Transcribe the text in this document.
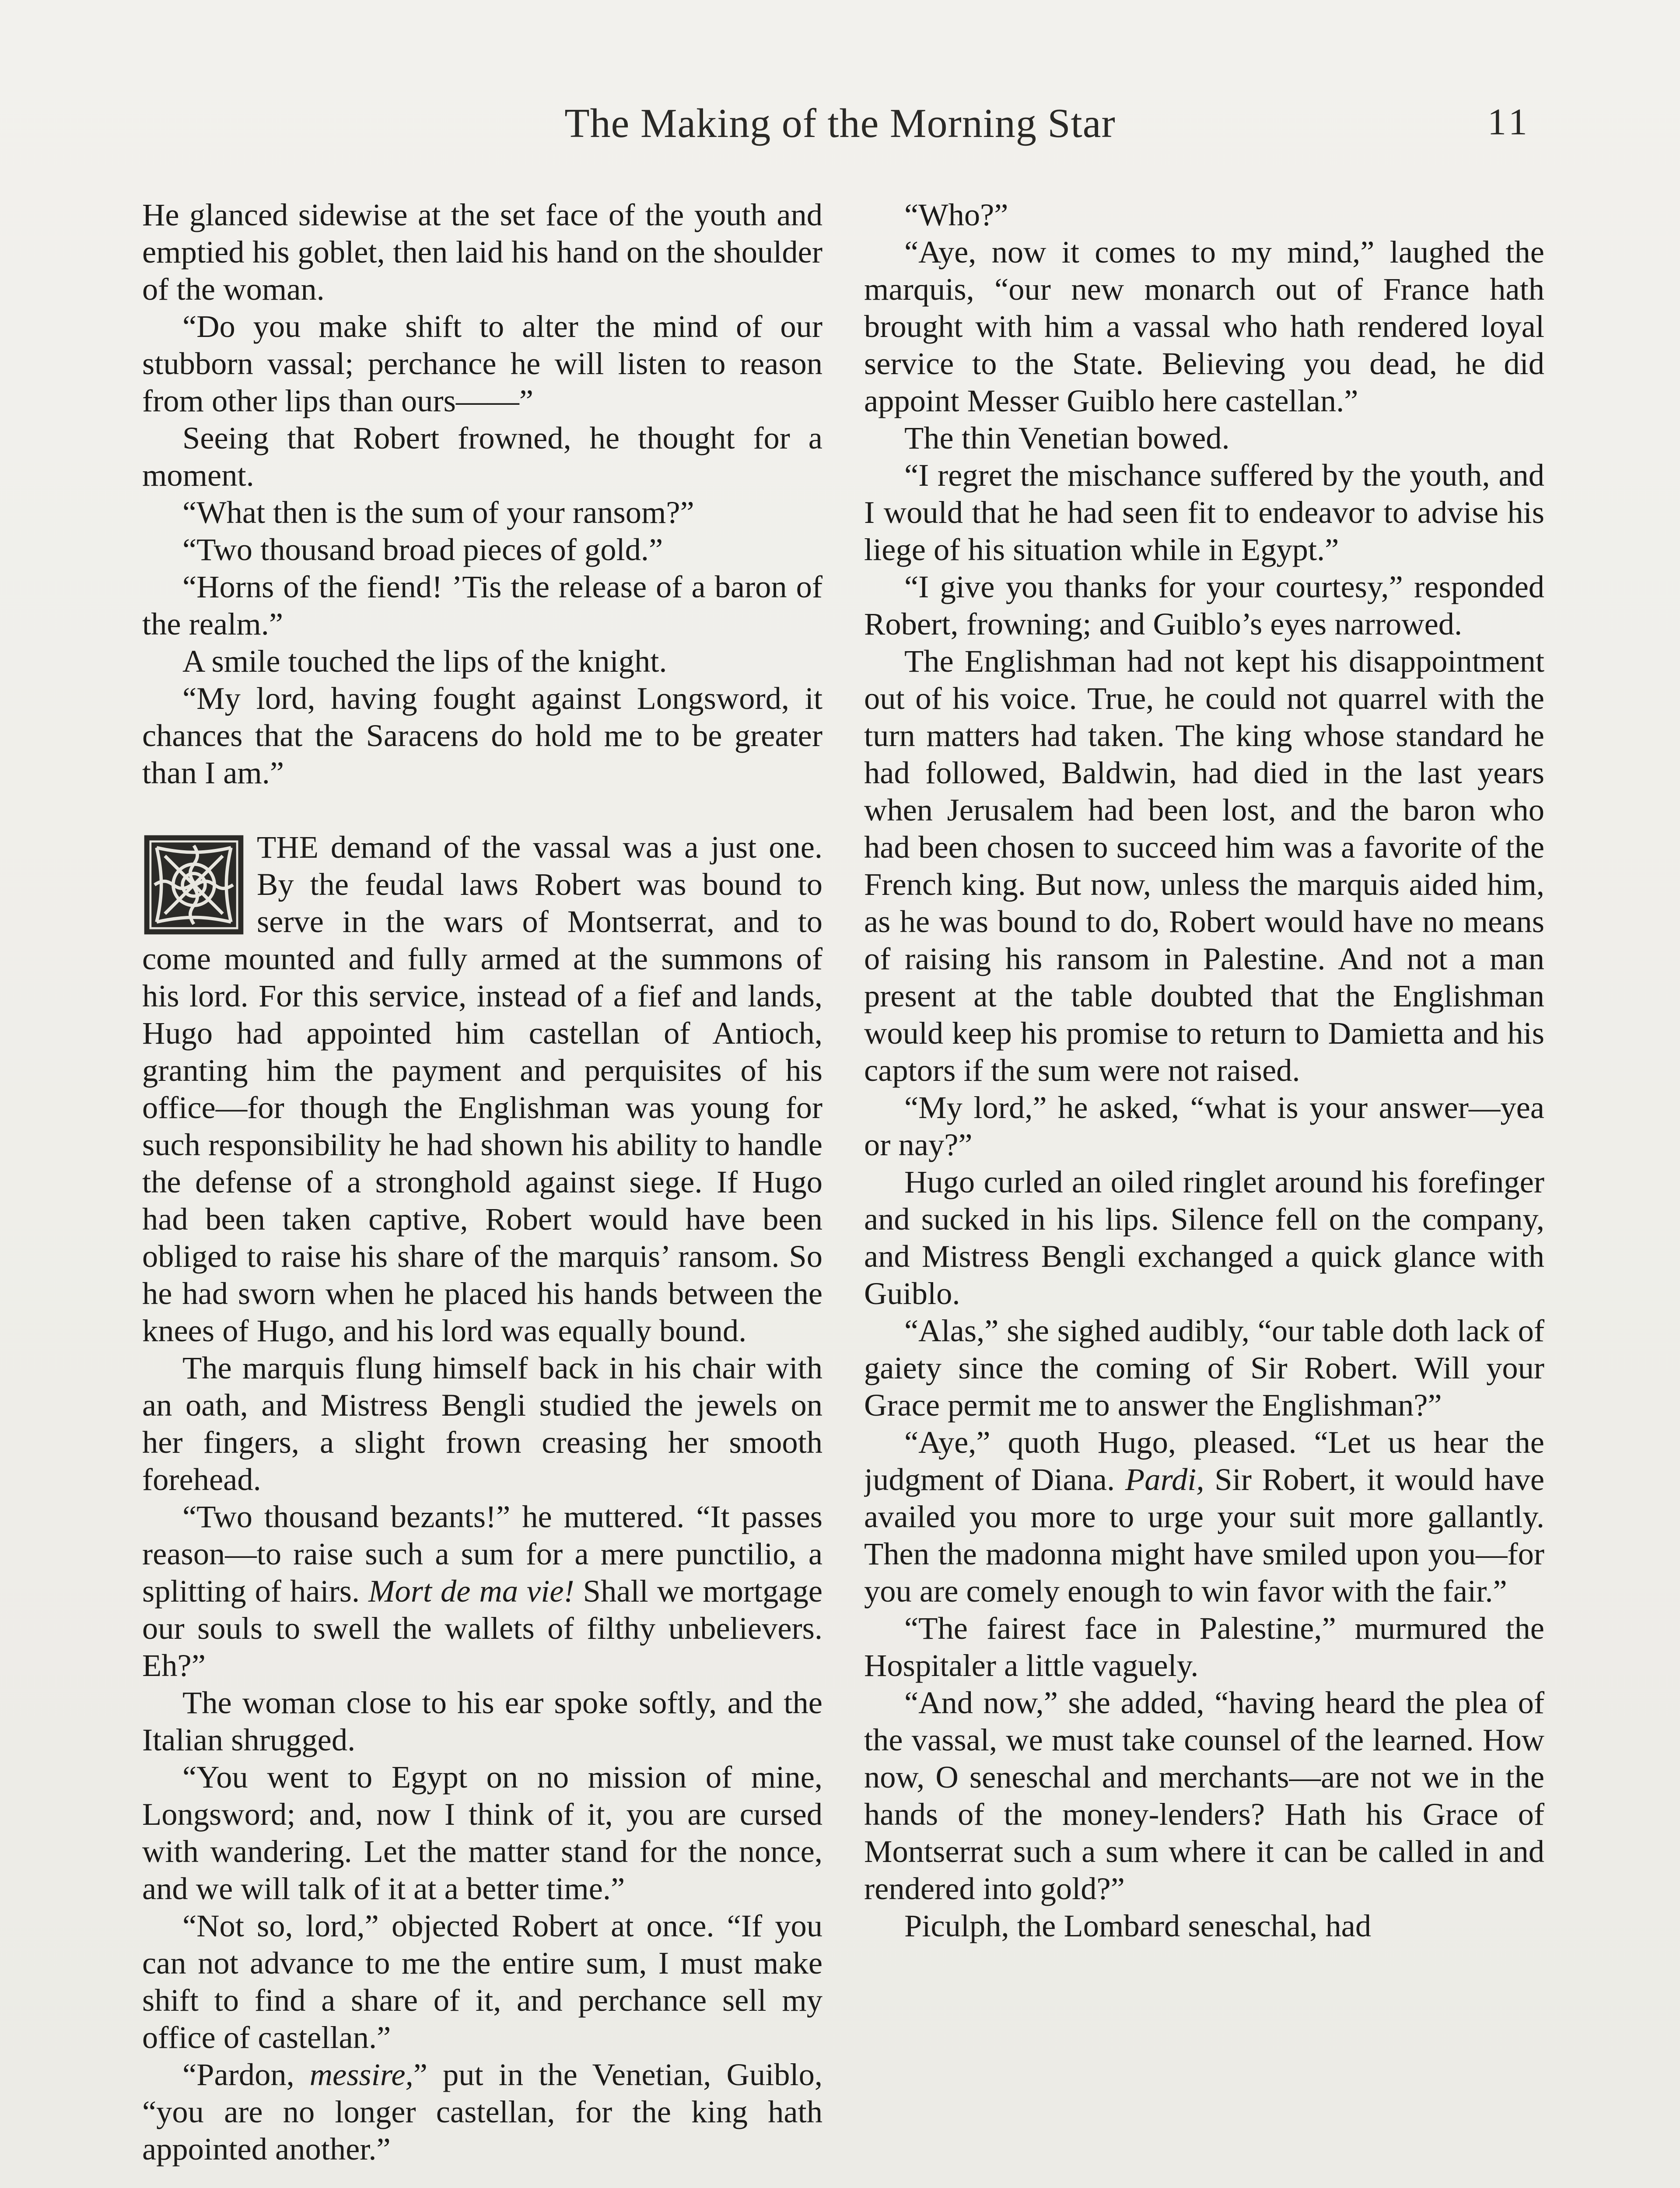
The Making of the Morning Star	11

He glanced sidewise at the set face of the youth and emptied his goblet, then laid his hand on the shoulder of the woman.

“Do you make shift to alter the mind of our stubborn vassal; perchance he will listen to reason from other lips than ours——”

Seeing that Robert frowned, he thought for a moment.

“What then is the sum of your ransom?”

“Two thousand broad pieces of gold.”

“Horns of the fiend! ’Tis the release of a baron of the realm.”

A smile touched the lips of the knight.

“My lord, having fought against Longsword, it chances that the Saracens do hold me to be greater than I am.”

THE demand of the vassal was a just one. By the feudal laws Robert was bound to serve in the wars of Montserrat, and to come mounted and fully armed at the summons of his lord. For this service, instead of a fief and lands, Hugo had appointed him castellan of Antioch, granting him the payment and perquisites of his office—for though the Englishman was young for such responsibility he had shown his ability to handle the defense of a stronghold against siege. If Hugo had been taken captive, Robert would have been obliged to raise his share of the marquis’ ransom. So he had sworn when he placed his hands between the knees of Hugo, and his lord was equally bound.

The marquis flung himself back in his chair with an oath, and Mistress Bengli studied the jewels on her fingers, a slight frown creasing her smooth forehead.

“Two thousand bezants!” he muttered. “It passes reason—to raise such a sum for a mere punctilio, a splitting of hairs. Mort de ma vie! Shall we mortgage our souls to swell the wallets of filthy unbelievers. Eh?”

The woman close to his ear spoke softly, and the Italian shrugged.

“You went to Egypt on no mission of mine, Longsword; and, now I think of it, you are cursed with wandering. Let the matter stand for the nonce, and we will talk of it at a better time.”

“Not so, lord,” objected Robert at once. “If you can not advance to me the entire sum, I must make shift to find a share of it, and perchance sell my office of castellan.”

“Pardon, messire,” put in the Venetian, Guiblo, “you are no longer castellan, for the king hath appointed another.”

“Who?”

“Aye, now it comes to my mind,” laughed the marquis, “our new monarch out of France hath brought with him a vassal who hath rendered loyal service to the State. Believing you dead, he did appoint Messer Guiblo here castellan.”

The thin Venetian bowed.

“I regret the mischance suffered by the youth, and I would that he had seen fit to endeavor to advise his liege of his situation while in Egypt.”

“I give you thanks for your courtesy,” responded Robert, frowning; and Guiblo’s eyes narrowed.

The Englishman had not kept his disappointment out of his voice. True, he could not quarrel with the turn matters had taken. The king whose standard he had followed, Baldwin, had died in the last years when Jerusalem had been lost, and the baron who had been chosen to succeed him was a favorite of the French king. But now, unless the marquis aided him, as he was bound to do, Robert would have no means of raising his ransom in Palestine. And not a man present at the table doubted that the Englishman would keep his promise to return to Damietta and his captors if the sum were not raised.

“My lord,” he asked, “what is your answer—yea or nay?”

Hugo curled an oiled ringlet around his forefinger and sucked in his lips. Silence fell on the company, and Mistress Bengli exchanged a quick glance with Guiblo.

“Alas,” she sighed audibly, “our table doth lack of gaiety since the coming of Sir Robert. Will your Grace permit me to answer the Englishman?”

“Aye,” quoth Hugo, pleased. “Let us hear the judgment of Diana. Pardi, Sir Robert, it would have availed you more to urge your suit more gallantly. Then the madonna might have smiled upon you—for you are comely enough to win favor with the fair.”

“The fairest face in Palestine,” murmured the Hospitaler a little vaguely.

“And now,” she added, “having heard the plea of the vassal, we must take counsel of the learned. How now, O seneschal and merchants—are not we in the hands of the money-lenders? Hath his Grace of Montserrat such a sum where it can be called in and rendered into gold?”

Piculph, the Lombard seneschal, had
